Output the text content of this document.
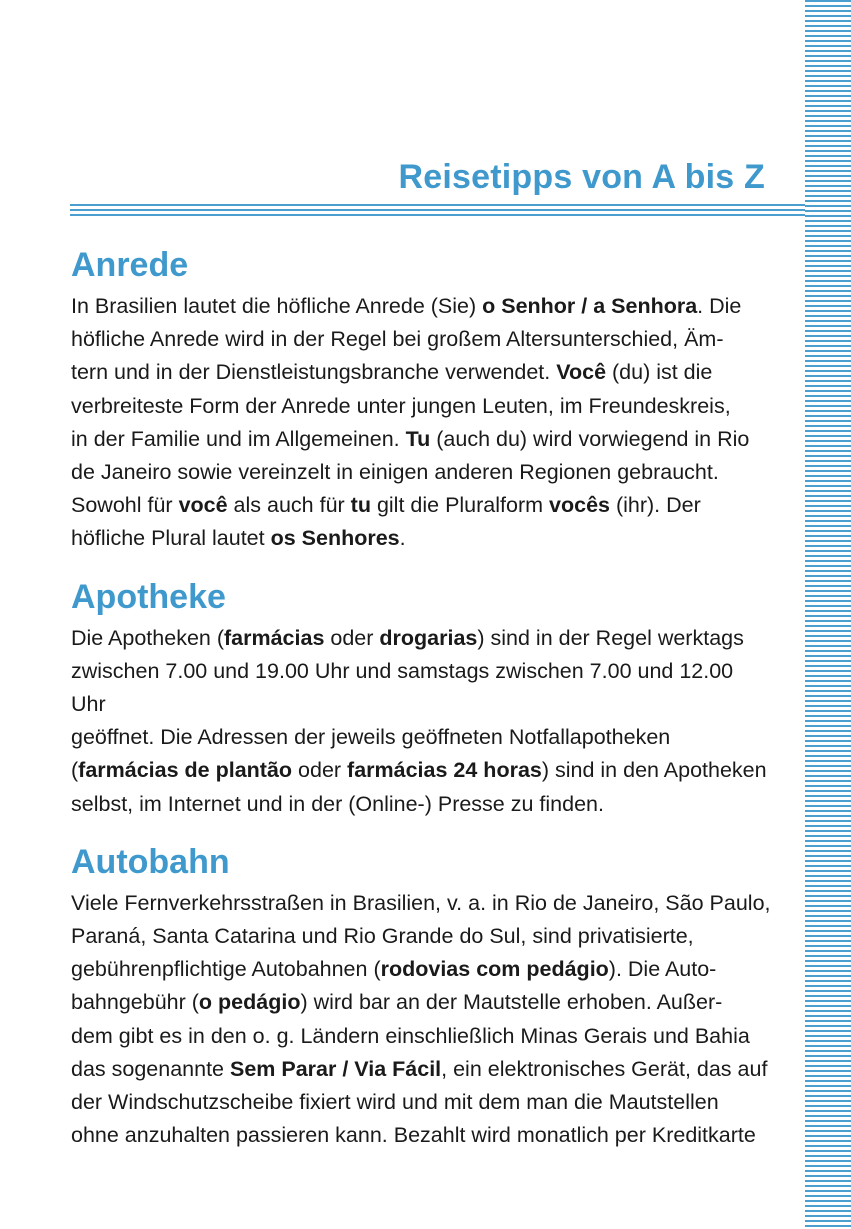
Reisetipps von A bis Z
Anrede

In Brasilien lautet die höfliche Anrede (Sie) o Senhor / a Senhora. Die
höfliche Anrede wird in der Regel bei großem Altersunterschied, Äm-
tern und in der Dienstleistungsbranche verwendet. Você (du) ist die
verbreiteste Form der Anrede unter jungen Leuten, im Freundeskreis,
in der Familie und im Allgemeinen. Tu (auch du) wird vorwiegend in Rio
de Janeiro sowie vereinzelt in einigen anderen Regionen gebraucht.
Sowohl für você als auch für tu gilt die Pluralform vocês (ihr). Der
höfliche Plural lautet os Senhores.

Apotheke

Die Apotheken (farmácias oder drogarias) sind in der Regel werktags
zwischen 7.00 und 19.00 Uhr und samstags zwischen 7.00 und 12.00 Uhr
geöffnet. Die Adressen der jeweils geöffneten Notfallapotheken
(farmácias de plantão oder farmácias 24 horas) sind in den Apotheken
selbst, im Internet und in der (Online-) Presse zu finden.

Autobahn

Viele Fernverkehrsstraßen in Brasilien, v. a. in Rio de Janeiro, São Paulo,
Paraná, Santa Catarina und Rio Grande do Sul, sind privatisierte,
gebührenpflichtige Autobahnen (rodovias com pedágio). Die Auto-
bahngebühr (o pedágio) wird bar an der Mautstelle erhoben. Außer-
dem gibt es in den o. g. Ländern einschließlich Minas Gerais und Bahia
das sogenannte Sem Parar / Via Fácil, ein elektronisches Gerät, das auf
der Windschutzscheibe fixiert wird und mit dem man die Mautstellen
ohne anzuhalten passieren kann. Bezahlt wird monatlich per Kreditkarte
